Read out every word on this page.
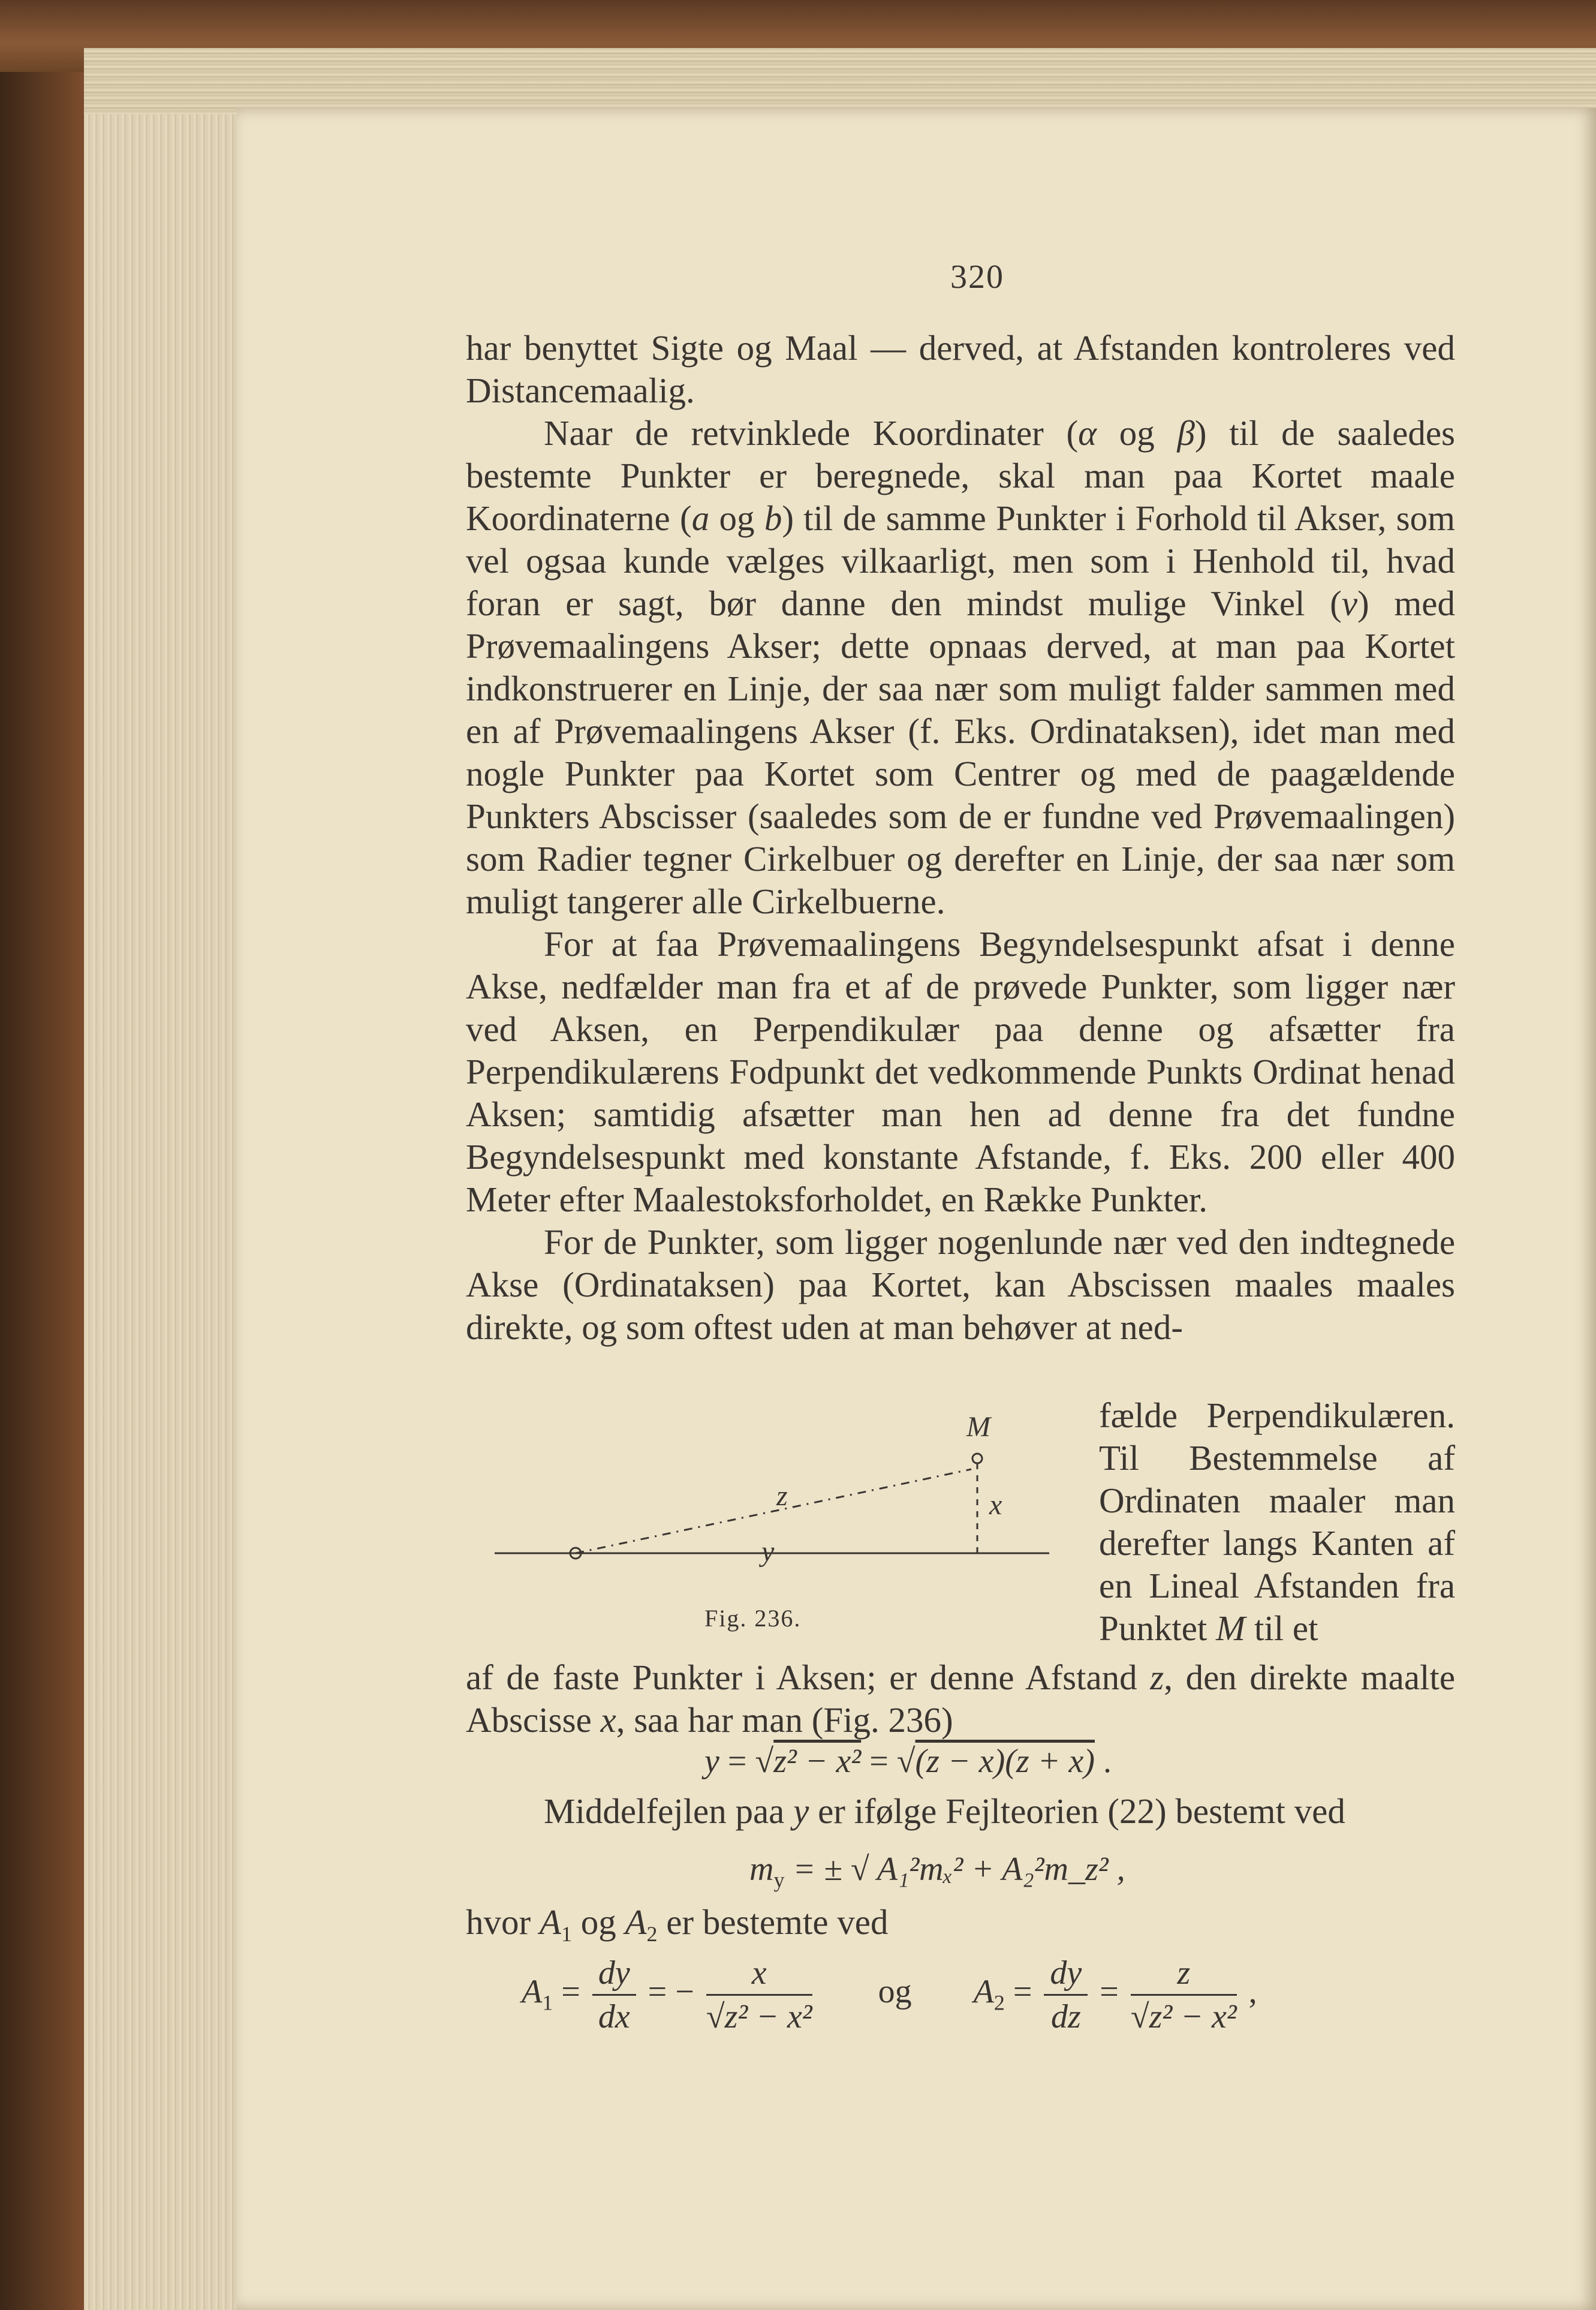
320

har benyttet Sigte og Maal — derved, at Afstanden kontroleres ved Distancemaalig.

Naar de retvinklede Koordinater (α og β) til de saaledes bestemte Punkter er beregnede, skal man paa Kortet maale Koordinaterne (a og b) til de samme Punkter i Forhold til Akser, som vel ogsaa kunde vælges vilkaarligt, men som i Henhold til, hvad foran er sagt, bør danne den mindst mulige Vinkel (v) med Prøvemaalingens Akser; dette opnaas derved, at man paa Kortet indkonstruerer en Linje, der saa nær som muligt falder sammen med en af Prøvemaalingens Akser (f. Eks. Ordinataksen), idet man med nogle Punkter paa Kortet som Centrer og med de paagældende Punkters Abscisser (saaledes som de er fundne ved Prøvemaalingen) som Radier tegner Cirkelbuer og derefter en Linje, der saa nær som muligt tangerer alle Cirkelbuerne.

For at faa Prøvemaalingens Begyndelsespunkt afsat i denne Akse, nedfælder man fra et af de prøvede Punkter, som ligger nær ved Aksen, en Perpendikulær paa denne og afsætter fra Perpendikulærens Fodpunkt det vedkommende Punkts Ordinat henad Aksen; samtidig afsætter man hen ad denne fra det fundne Begyndelsespunkt med konstante Afstande, f. Eks. 200 eller 400 Meter efter Maalestoksforholdet, en Række Punkter.

For de Punkter, som ligger nogenlunde nær ved den indtegnede Akse (Ordinataksen) paa Kortet, kan Abscissen maales maales direkte, og som oftest uden at man behøver at ned-

fælde Perpendikulæren. Til Bestemmelse af Ordinaten maaler man derefter langs Kanten af en Lineal Afstanden fra Punktet M til et

M
x
z
y
Fig. 236.

af de faste Punkter i Aksen; er denne Afstand z, den direkte maalte Abscisse x, saa har man (Fig. 236)

y = √z² − x² = √(z − x)(z + x) .

Middelfejlen paa y er ifølge Fejlteorien (22) bestemt ved

$m_y$ = ± √ A₁²mₓ² + A₂²m_z² ,

hvor $A_1$ og $A_2$ er bestemte ved

$A_1 = \frac{dy}{dx}$ = − $\frac{x}{\text{√z² − x²}}$ og $A_2 = \frac{dy}{dz} = \frac{z}{\text{√z² − x²}}$ ,
